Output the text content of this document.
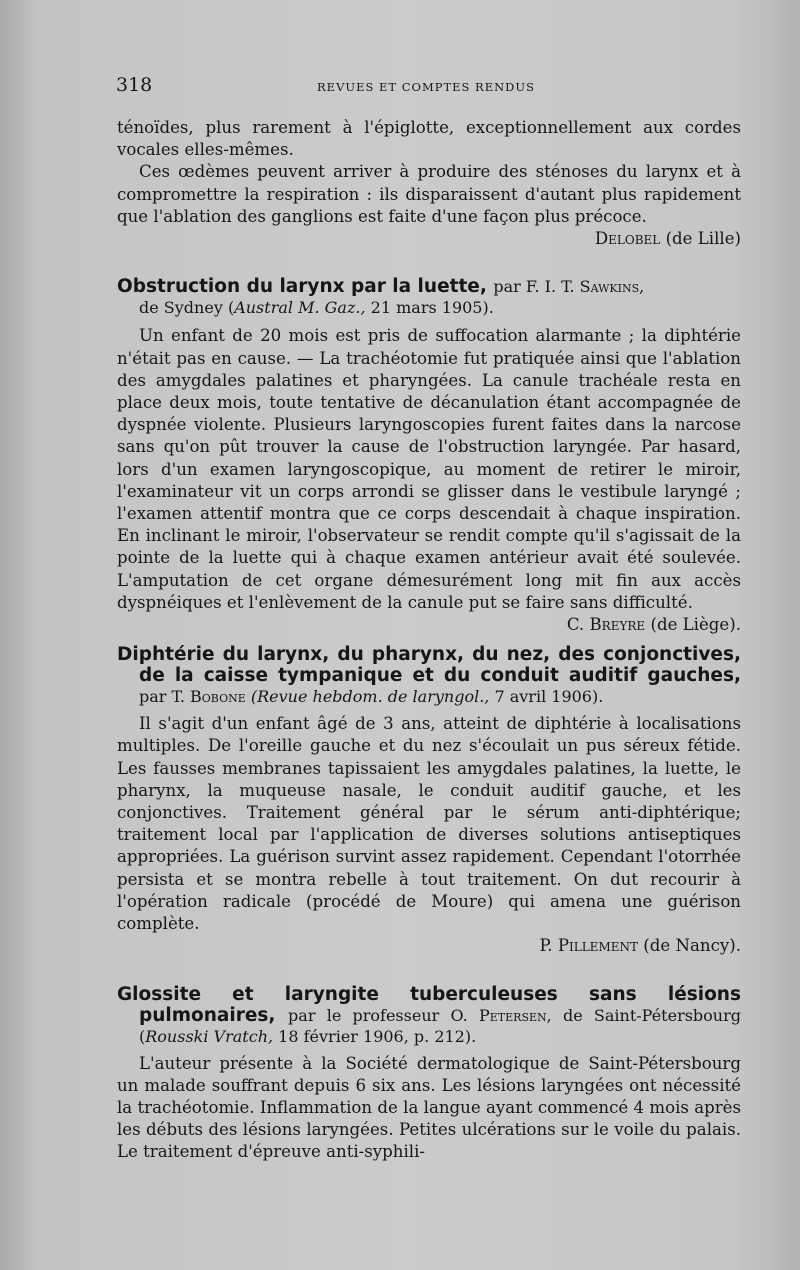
318	REVUES ET COMPTES RENDUS

ténoïdes, plus rarement à l'épiglotte, exceptionnellement aux cordes vocales elles-mêmes.

Ces œdèmes peuvent arriver à produire des sténoses du larynx et à compromettre la respiration : ils disparaissent d'autant plus rapidement que l'ablation des ganglions est faite d'une façon plus précoce.

Delobel (de Lille)

Obstruction du larynx par la luette, par F. I. T. Sawkins,

de Sydney (Austral M. Gaz., 21 mars 1905).

Un enfant de 20 mois est pris de suffocation alarmante ; la diphtérie n'était pas en cause. — La trachéotomie fut pratiquée ainsi que l'ablation des amygdales palatines et pharyngées. La canule trachéale resta en place deux mois, toute tentative de décanulation étant accompagnée de dyspnée violente. Plusieurs laryngoscopies furent faites dans la narcose sans qu'on pût trouver la cause de l'obstruction laryngée. Par hasard, lors d'un examen laryngoscopique, au moment de retirer le miroir, l'examinateur vit un corps arrondi se glisser dans le vestibule laryngé ; l'examen attentif montra que ce corps descendait à chaque inspiration. En inclinant le miroir, l'observateur se rendit compte qu'il s'agissait de la pointe de la luette qui à chaque examen antérieur avait été soulevée. L'amputation de cet organe démesurément long mit fin aux accès dyspnéiques et l'enlèvement de la canule put se faire sans difficulté.

C. Breyre (de Liège).

Diphtérie du larynx, du pharynx, du nez, des conjonctives, de la caisse tympanique et du conduit auditif gauches, par T. Bobone (Revue hebdom. de laryngol., 7 avril 1906).

Il s'agit d'un enfant âgé de 3 ans, atteint de diphtérie à localisations multiples. De l'oreille gauche et du nez s'écoulait un pus séreux fétide. Les fausses membranes tapissaient les amygdales palatines, la luette, le pharynx, la muqueuse nasale, le conduit auditif gauche, et les conjonctives. Traitement général par le sérum anti-diphtérique; traitement local par l'application de diverses solutions antiseptiques appropriées. La guérison survint assez rapidement. Cependant l'otorrhée persista et se montra rebelle à tout traitement. On dut recourir à l'opération radicale (procédé de Moure) qui amena une guérison complète.

P. Pillement (de Nancy).

Glossite et laryngite tuberculeuses sans lésions pulmonaires, par le professeur O. Petersen, de Saint-Pétersbourg (Rousski Vratch, 18 février 1906, p. 212).

L'auteur présente à la Société dermatologique de Saint-Pétersbourg un malade souffrant depuis 6 six ans. Les lésions laryngées ont nécessité la trachéotomie. Inflammation de la langue ayant commencé 4 mois après les débuts des lésions laryngées. Petites ulcérations sur le voile du palais. Le traitement d'épreuve anti-syphili-
